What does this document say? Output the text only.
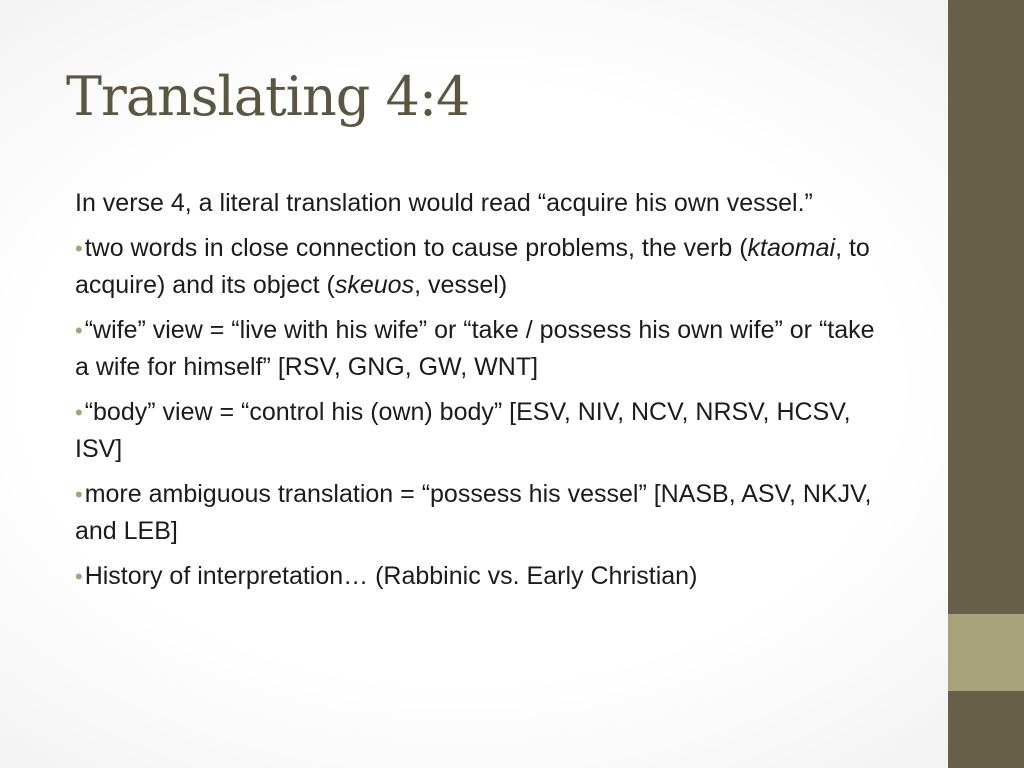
Translating 4:4
In verse 4, a literal translation would read “acquire his own vessel.”
•two words in close connection to cause problems, the verb (ktaomai, to acquire) and its object (skeuos, vessel)
•“wife” view = “live with his wife” or “take / possess his own wife” or “take a wife for himself” [RSV, GNG, GW, WNT]
•“body” view = “control his (own) body” [ESV, NIV, NCV, NRSV, HCSV, ISV]
•more ambiguous translation = “possess his vessel” [NASB, ASV, NKJV, and LEB]
•History of interpretation… (Rabbinic vs. Early Christian)
